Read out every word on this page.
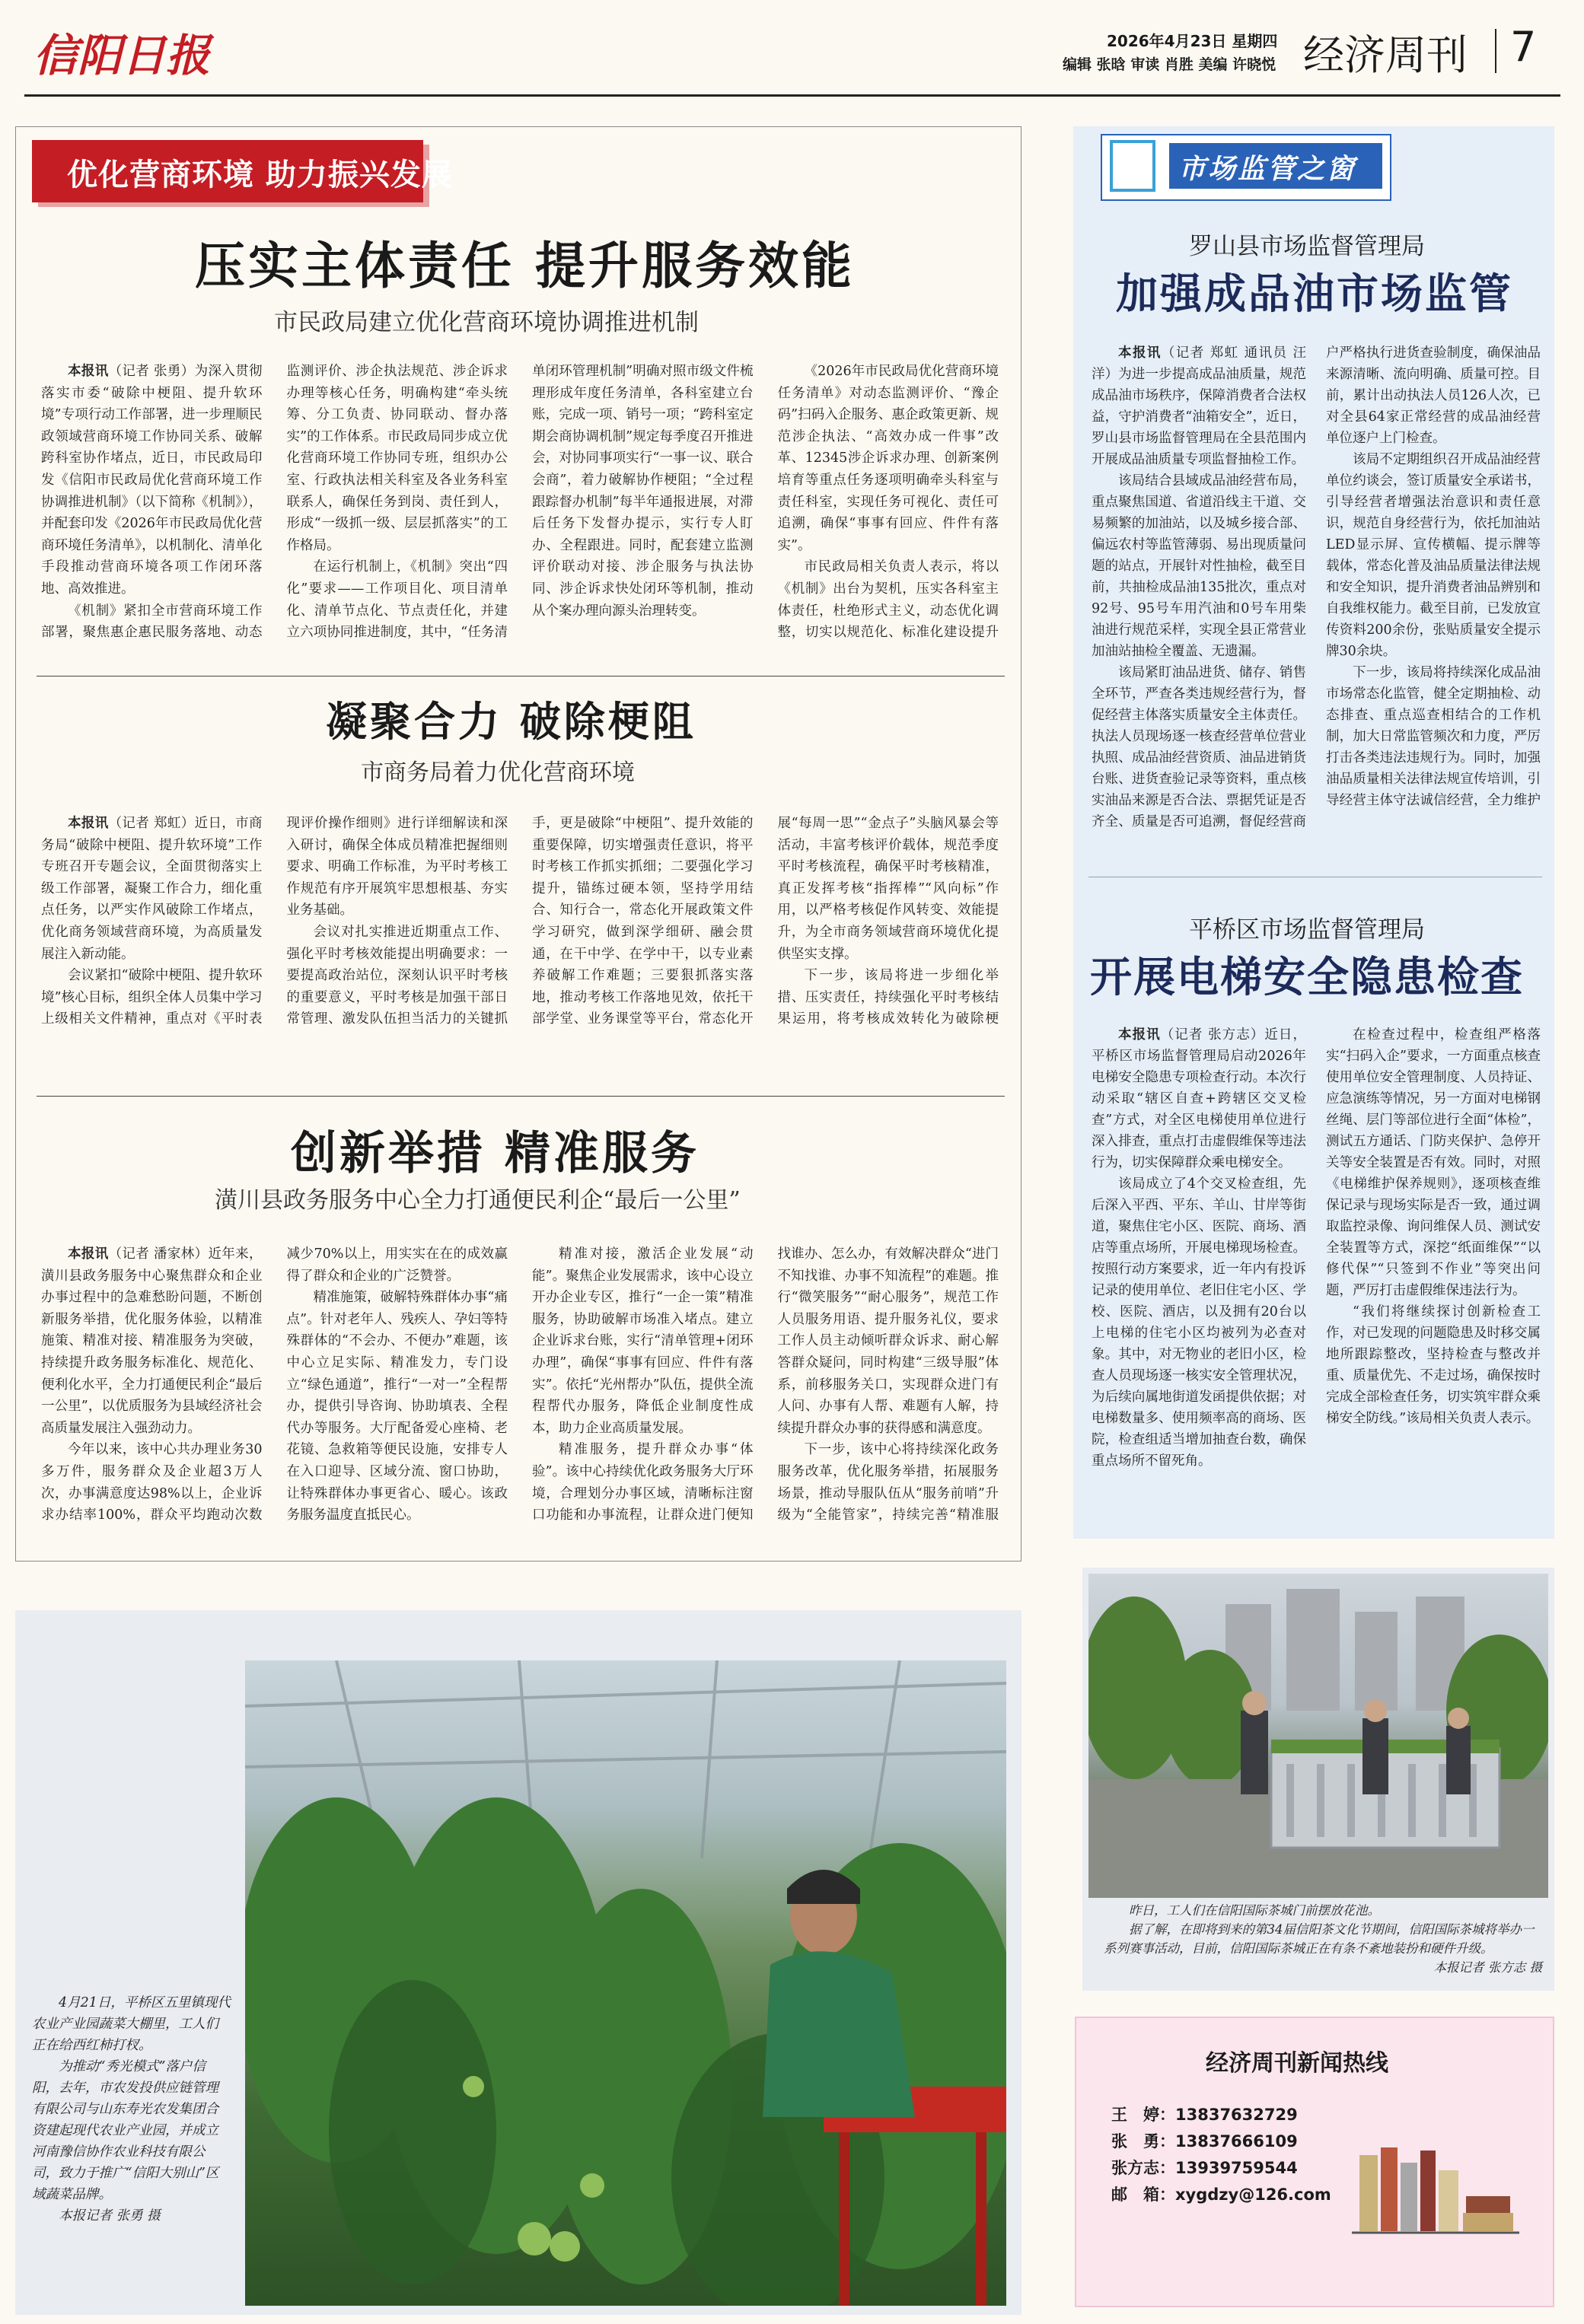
信阳日报	2026年4月23日 星期四
编辑 张晗 审读 肖胜 美编 许晓悦 经济周刊 7
优化营商环境 助力振兴发展
压实主体责任 提升服务效能
市民政局建立优化营商环境协调推进机制

本报讯（记者 张勇）为深入贯彻落实市委“破除中梗阻、提升软环境”专项行动工作部署，进一步理顺民政领域营商环境工作协同关系、破解跨科室协作堵点，近日，市民政局印发《信阳市民政局优化营商环境工作协调推进机制》（以下简称《机制》），并配套印发《2026年市民政局优化营商环境任务清单》，以机制化、清单化手段推动营商环境各项工作闭环落地、高效推进。

《机制》紧扣全市营商环境工作部署，聚焦惠企惠民服务落地、动态监测评价、涉企执法规范、涉企诉求办理等核心任务，明确构建“牵头统筹、分工负责、协同联动、督办落实”的工作体系。市民政局同步成立优化营商环境工作协同专班，组织办公室、行政执法相关科室及各业务科室联系人，确保任务到岗、责任到人，形成“一级抓一级、层层抓落实”的工作格局。

在运行机制上，《机制》突出“四化”要求——工作项目化、项目清单化、清单节点化、节点责任化，并建立六项协同推进制度，其中，“任务清单闭环管理机制”明确对照市级文件梳理形成年度任务清单，各科室建立台账，完成一项、销号一项；“跨科室定期会商协调机制”规定每季度召开推进会，对协同事项实行“一事一议、联合会商”，着力破解协作梗阻；“全过程跟踪督办机制”每半年通报进展，对滞后任务下发督办提示，实行专人盯办、全程跟进。同时，配套建立监测评价联动对接、涉企服务与执法协同、涉企诉求快处闭环等机制，推动从个案办理向源头治理转变。

《2026年市民政局优化营商环境任务清单》对动态监测评价、“豫企码”扫码入企服务、惠企政策更新、规范涉企执法、“高效办成一件事”改革、12345涉企诉求办理、创新案例培育等重点任务逐项明确牵头科室与责任科室，实现任务可视化、责任可追溯，确保“事事有回应、件件有落实”。

市民政局相关负责人表示，将以《机制》出台为契机，压实各科室主体责任，杜绝形式主义，动态优化调整，切实以规范化、标准化建设提升

凝聚合力 破除梗阻
市商务局着力优化营商环境

本报讯（记者 郑虹）近日，市商务局“破除中梗阻、提升软环境”工作专班召开专题会议，全面贯彻落实上级工作部署，凝聚工作合力，细化重点任务，以严实作风破除工作堵点，优化商务领域营商环境，为高质量发展注入新动能。

会议紧扣“破除中梗阻、提升软环境”核心目标，组织全体人员集中学习上级相关文件精神，重点对《平时表现评价操作细则》进行详细解读和深入研讨，确保全体成员精准把握细则要求、明确工作标准，为平时考核工作规范有序开展筑牢思想根基、夯实业务基础。

会议对扎实推进近期重点工作、强化平时考核效能提出明确要求：一要提高政治站位，深刻认识平时考核的重要意义，平时考核是加强干部日常管理、激发队伍担当活力的关键抓手，更是破除“中梗阻”、提升效能的重要保障，切实增强责任意识，将平时考核工作抓实抓细；二要强化学习提升，锚练过硬本领，坚持学用结合、知行合一，常态化开展政策文件学习研究，做到深学细研、融会贯通，在干中学、在学中干，以专业素养破解工作难题；三要狠抓落实落地，推动考核工作落地见效，依托干部学堂、业务课堂等平台，常态化开展“每周一思”“金点子”头脑风暴会等活动，丰富考核评价载体，规范季度平时考核流程，确保平时考核精准，真正发挥考核“指挥棒”“风向标”作用，以严格考核促作风转变、效能提升，为全市商务领域营商环境优化提供坚实支撑。

下一步，该局将进一步细化举措、压实责任，持续强化平时考核结果运用，将考核成效转化为破除梗

创新举措 精准服务
潢川县政务服务中心全力打通便民利企“最后一公里”

本报讯（记者 潘家林）近年来，潢川县政务服务中心聚焦群众和企业办事过程中的急难愁盼问题，不断创新服务举措，优化服务体验，以精准施策、精准对接、精准服务为突破，持续提升政务服务标准化、规范化、便利化水平，全力打通便民利企“最后一公里”，以优质服务为县域经济社会高质量发展注入强劲动力。

今年以来，该中心共办理业务30多万件，服务群众及企业超3万人次，办事满意度达98%以上，企业诉求办结率100%，群众平均跑动次数减少70%以上，用实实在在的成效赢得了群众和企业的广泛赞誉。

精准施策，破解特殊群体办事“痛点”。针对老年人、残疾人、孕妇等特殊群体的“不会办、不便办”难题，该中心立足实际、精准发力，专门设立“绿色通道”，推行“一对一”全程帮办，提供引导咨询、协助填表、全程代办等服务。大厅配备爱心座椅、老花镜、急救箱等便民设施，安排专人在入口迎导、区域分流、窗口协助，让特殊群体办事更省心、暖心。该政务服务温度直抵民心。

精准对接，激活企业发展“动能”。聚焦企业发展需求，该中心设立开办企业专区，推行“一企一策”精准服务，协助破解市场准入堵点。建立企业诉求台账，实行“清单管理+闭环办理”，确保“事事有回应、件件有落实”。依托“光州帮办”队伍，提供全流程帮代办服务，降低企业制度性成本，助力企业高质量发展。

精准服务，提升群众办事“体验”。该中心持续优化政务服务大厅环境，合理划分办事区域，清晰标注窗口功能和办事流程，让群众进门便知找谁办、怎么办，有效解决群众“进门不知找谁、办事不知流程”的难题。推行“微笑服务”“耐心服务”，规范工作人员服务用语、提升服务礼仪，要求工作人员主动倾听群众诉求、耐心解答群众疑问，同时构建“三级导服”体系，前移服务关口，实现群众进门有人问、办事有人帮、难题有人解，持续提升群众办事的获得感和满意度。

下一步，该中心将持续深化政务服务改革，优化服务举措，拓展服务场景，推动导服队伍从“服务前哨”升级为“全能管家”，持续完善“精准服

4月21日，平桥区五里镇现代农业产业园蔬菜大棚里，工人们正在给西红柿打杈。

为推动“秀光模式”落户信阳，去年，市农发投供应链管理有限公司与山东寿光农发集团合资建起现代农业产业园，并成立河南豫信协作农业科技有限公司，致力于推广“信阳大别山”区域蔬菜品牌。

本报记者 张勇 摄

市场监管之窗
罗山县市场监督管理局
加强成品油市场监管

本报讯（记者 郑虹 通讯员 汪洋）为进一步提高成品油质量，规范成品油市场秩序，保障消费者合法权益，守护消费者“油箱安全”，近日，罗山县市场监督管理局在全县范围内开展成品油质量专项监督抽检工作。

该局结合县域成品油经营布局，重点聚焦国道、省道沿线主干道、交易频繁的加油站，以及城乡接合部、偏远农村等监管薄弱、易出现质量问题的站点，开展针对性抽检，截至目前，共抽检成品油135批次，重点对92号、95号车用汽油和0号车用柴油进行规范采样，实现全县正常营业加油站抽检全覆盖、无遗漏。

该局紧盯油品进货、储存、销售全环节，严查各类违规经营行为，督促经营主体落实质量安全主体责任。执法人员现场逐一核查经营单位营业执照、成品油经营资质、油品进销货台账、进货查验记录等资料，重点核实油品来源是否合法、票据凭证是否齐全、质量是否可追溯，督促经营商户严格执行进货查验制度，确保油品来源清晰、流向明确、质量可控。目前，累计出动执法人员126人次，已对全县64家正常经营的成品油经营单位逐户上门检查。

该局不定期组织召开成品油经营单位约谈会，签订质量安全承诺书，引导经营者增强法治意识和责任意识，规范自身经营行为，依托加油站LED显示屏、宣传横幅、提示牌等载体，常态化普及油品质量法律法规和安全知识，提升消费者油品辨别和自我维权能力。截至目前，已发放宣传资料200余份，张贴质量安全提示牌30余块。

下一步，该局将持续深化成品油市场常态化监管，健全定期抽检、动态排查、重点巡查相结合的工作机制，加大日常监管频次和力度，严厉打击各类违法违规行为。同时，加强油品质量相关法律法规宣传培训，引导经营主体守法诚信经营，全力维护

平桥区市场监督管理局
开展电梯安全隐患检查

本报讯（记者 张方志）近日，平桥区市场监督管理局启动2026年电梯安全隐患专项检查行动。本次行动采取“辖区自查+跨辖区交叉检查”方式，对全区电梯使用单位进行深入排查，重点打击虚假维保等违法行为，切实保障群众乘电梯安全。

该局成立了4个交叉检查组，先后深入平西、平东、羊山、甘岸等街道，聚焦住宅小区、医院、商场、酒店等重点场所，开展电梯现场检查。按照行动方案要求，近一年内有投诉记录的使用单位、老旧住宅小区、学校、医院、酒店，以及拥有20台以上电梯的住宅小区均被列为必查对象。其中，对无物业的老旧小区，检查人员现场逐一核实安全管理状况，为后续向属地街道发函提供依据；对电梯数量多、使用频率高的商场、医院，检查组适当增加抽查台数，确保重点场所不留死角。

在检查过程中，检查组严格落实“扫码入企”要求，一方面重点核查使用单位安全管理制度、人员持证、应急演练等情况，另一方面对电梯钢丝绳、层门等部位进行全面“体检”，测试五方通话、门防夹保护、急停开关等安全装置是否有效。同时，对照《电梯维护保养规则》，逐项核查维保记录与现场实际是否一致，通过调取监控录像、询问维保人员、测试安全装置等方式，深挖“纸面维保”“以修代保”“只签到不作业”等突出问题，严厉打击虚假维保违法行为。

“我们将继续探讨创新检查工作，对已发现的问题隐患及时移交属地所跟踪整改，坚持检查与整改并重、质量优先、不走过场，确保按时完成全部检查任务，切实筑牢群众乘梯安全防线。”该局相关负责人表示。

昨日，工人们在信阳国际茶城门前摆放花池。

据了解，在即将到来的第34届信阳茶文化节期间，信阳国际茶城将举办一系列赛事活动，目前，信阳国际茶城正在有条不紊地装扮和硬件升级。

本报记者 张方志 摄

经济周刊新闻热线
王　婷：13837632729
张　勇：13837666109
张方志：13939759544
邮　箱：xygdzy@126.com
